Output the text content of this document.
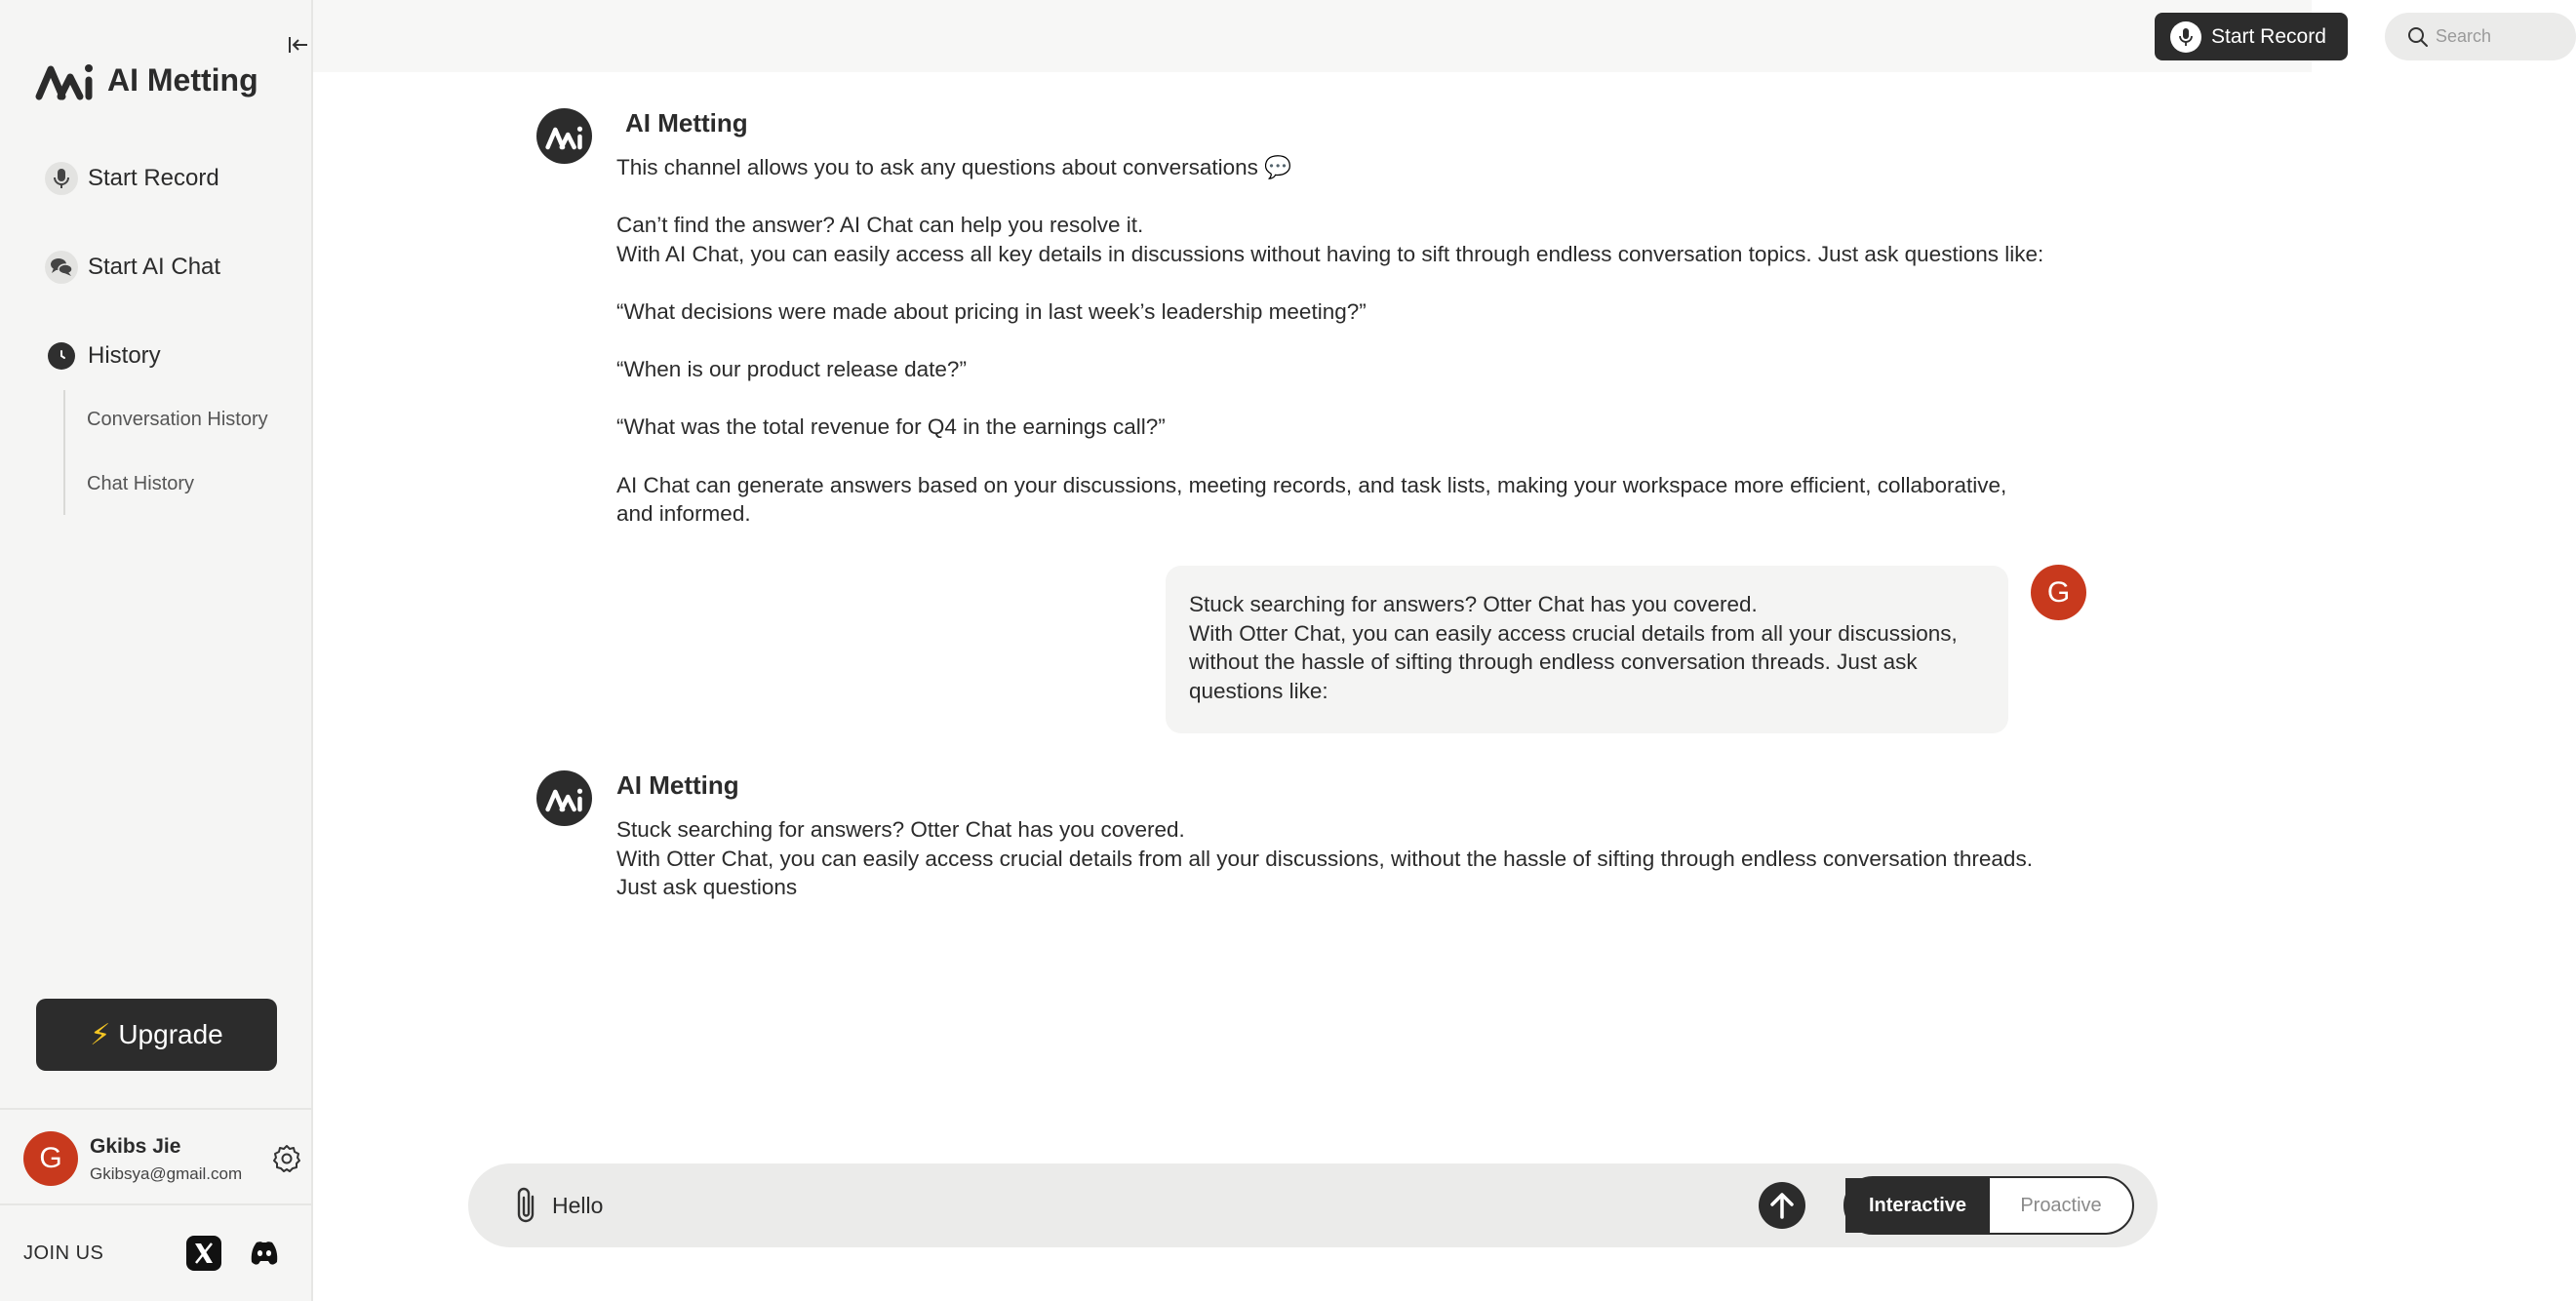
AI Metting
Start Record
Start AI Chat
History
Conversation History
Chat History
⚡ Upgrade
G	Gkibs Jie
Gkibsya@gmail.com
JOIN US
Start Record
Search
AI Metting

This channel allows you to ask any questions about conversations 💬

Can’t find the answer? AI Chat can help you resolve it.

With AI Chat, you can easily access all key details in discussions without having to sift through endless conversation topics. Just ask questions like:

“What decisions were made about pricing in last week’s leadership meeting?”

“When is our product release date?”

“What was the total revenue for Q4 in the earnings call?”

AI Chat can generate answers based on your discussions, meeting records, and task lists, making your workspace more efficient, collaborative,

and informed.

Stuck searching for answers? Otter Chat has you covered.

With Otter Chat, you can easily access crucial details from all your discussions,

without the hassle of sifting through endless conversation threads. Just ask

questions like:

G
AI Metting

Stuck searching for answers? Otter Chat has you covered.

With Otter Chat, you can easily access crucial details from all your discussions, without the hassle of sifting through endless conversation threads.

Just ask questions

Hello
Interactive	Proactive
